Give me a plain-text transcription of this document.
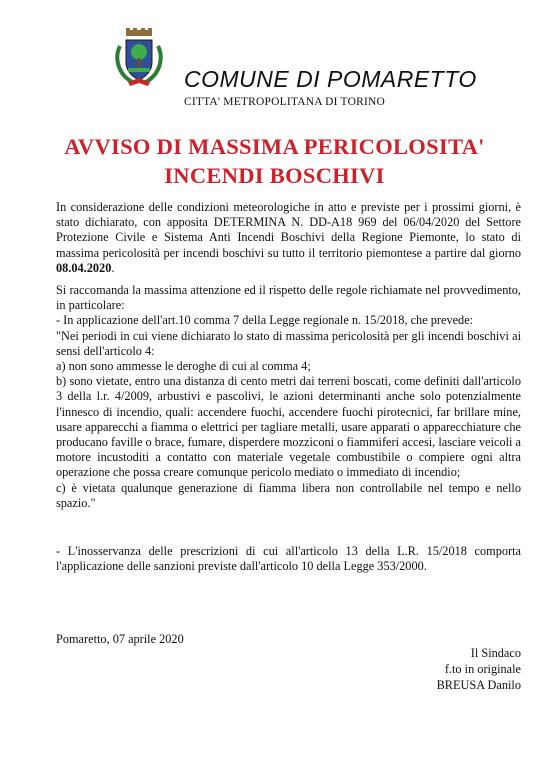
COMUNE DI POMARETTO
CITTA' METROPOLITANA DI TORINO
AVVISO DI MASSIMA PERICOLOSITA'
INCENDI BOSCHIVI
In considerazione delle condizioni meteorologiche in atto e previste per i prossimi giorni, è stato dichiarato, con apposita DETERMINA N. DD-A18 969 del 06/04/2020 del Settore Protezione Civile e Sistema Anti Incendi Boschivi della Regione Piemonte, lo stato di massima pericolosità per incendi boschivi su tutto il territorio piemontese a partire dal giorno 08.04.2020.
Si raccomanda la massima attenzione ed il rispetto delle regole richiamate nel provvedimento, in particolare:
- In applicazione dell'art.10 comma 7 della Legge regionale n. 15/2018, che prevede:
"Nei periodi in cui viene dichiarato lo stato di massima pericolosità per gli incendi boschivi ai sensi dell'articolo 4:
a) non sono ammesse le deroghe di cui al comma 4;
b) sono vietate, entro una distanza di cento metri dai terreni boscati, come definiti dall'articolo 3 della l.r. 4/2009, arbustivi e pascolivi, le azioni determinanti anche solo potenzialmente l'innesco di incendio, quali: accendere fuochi, accendere fuochi pirotecnici, far brillare mine, usare apparecchi a fiamma o elettrici per tagliare metalli, usare apparati o apparecchiature che producano faville o brace, fumare, disperdere mozziconi o fiammiferi accesi, lasciare veicoli a motore incustoditi a contatto con materiale vegetale combustibile o compiere ogni altra operazione che possa creare comunque pericolo mediato o immediato di incendio;
c) è vietata qualunque generazione di fiamma libera non controllabile nel tempo e nello spazio."
- L'inosservanza delle prescrizioni di cui all'articolo 13 della L.R. 15/2018 comporta l'applicazione delle sanzioni previste dall'articolo 10 della Legge 353/2000.
Pomaretto, 07 aprile 2020
Il Sindaco
f.to in originale
BREUSA Danilo
